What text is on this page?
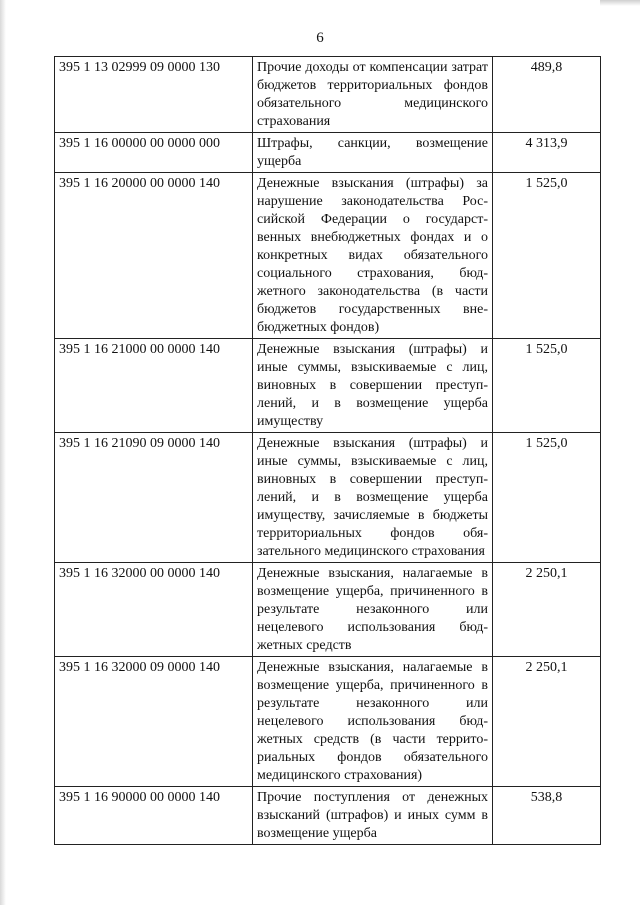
6
395 1 13 02999 09 0000 130	Прочие доходы от компенсации затрат бюджетов территориальных фондов обязательного медицинского страхования	489,8
395 1 16 00000 00 0000 000	Штрафы, санкции, возмещение ущерба	4 313,9
395 1 16 20000 00 0000 140	Денежные взыскания (штрафы) за нарушение законодательства Российской Федерации о государственных внебюджетных фондах и о конкретных видах обязательного социального страхования, бюджетного законодательства (в части бюджетов государственных внебюджетных фондов)	1 525,0
395 1 16 21000 00 0000 140	Денежные взыскания (штрафы) и иные суммы, взыскиваемые с лиц, виновных в совершении преступлений, и в возмещение ущерба имуществу	1 525,0
395 1 16 21090 09 0000 140	Денежные взыскания (штрафы) и иные суммы, взыскиваемые с лиц, виновных в совершении преступлений, и в возмещение ущерба имуществу, зачисляемые в бюджеты территориальных фондов обязательного медицинского страхования	1 525,0
395 1 16 32000 00 0000 140	Денежные взыскания, налагаемые в возмещение ущерба, причиненного в результате незаконного или нецелевого использования бюджетных средств	2 250,1
395 1 16 32000 09 0000 140	Денежные взыскания, налагаемые в возмещение ущерба, причиненного в результате незаконного или нецелевого использования бюджетных средств (в части территориальных фондов обязательного медицинского страхования)	2 250,1
395 1 16 90000 00 0000 140	Прочие поступления от денежных взысканий (штрафов) и иных сумм в возмещение ущерба	538,8
